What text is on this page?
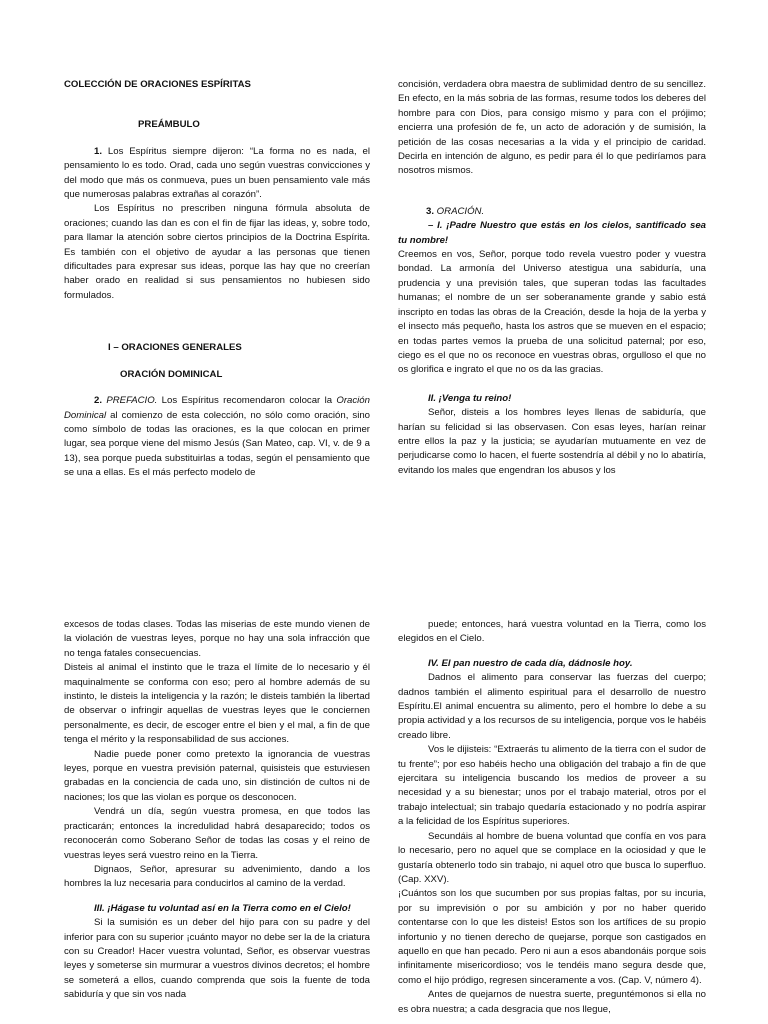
COLECCIÓN DE ORACIONES ESPÍRITAS

PREÁMBULO

1. Los Espíritus siempre dijeron: “La forma no es nada, el pensamiento lo es todo. Orad, cada uno según vuestras convicciones y del modo que más os conmueva, pues un buen pensamiento vale más que numerosas palabras extrañas al corazón”.

Los Espíritus no prescriben ninguna fórmula absoluta de oraciones; cuando las dan es con el fin de fijar las ideas, y, sobre todo, para llamar la atención sobre ciertos principios de la Doctrina Espírita. Es también con el objetivo de ayudar a las personas que tienen dificultades para expresar sus ideas, porque las hay que no creerían haber orado en realidad si sus pensamientos no hubiesen sido formulados.

I – ORACIONES GENERALES

ORACIÓN DOMINICAL

2. PREFACIO. Los Espíritus recomendaron colocar la Oración Dominical al comienzo de esta colección, no sólo como oración, sino como símbolo de todas las oraciones, es la que colocan en primer lugar, sea porque viene del mismo Jesús (San Mateo, cap. VI, v. de 9 a 13), sea porque pueda substituirlas a todas, según el pensamiento que se una a ellas. Es el más perfecto modelo de

concisión, verdadera obra maestra de sublimidad dentro de su sencillez. En efecto, en la más sobria de las formas, resume todos los deberes del hombre para con Dios, para consigo mismo y para con el prójimo; encierra una profesión de fe, un acto de adoración y de sumisión, la petición de las cosas necesarias a la vida y el principio de caridad. Decirla en intención de alguno, es pedir para él lo que pediríamos para nosotros mismos.

3. ORACIÓN.

– I. ¡Padre Nuestro que estás en los cielos, santificado sea tu nombre!

Creemos en vos, Señor, porque todo revela vuestro poder y vuestra bondad. La armonía del Universo atestigua una sabiduría, una prudencia y una previsión tales, que superan todas las facultades humanas; el nombre de un ser soberanamente grande y sabio está inscripto en todas las obras de la Creación, desde la hoja de la yerba y el insecto más pequeño, hasta los astros que se mueven en el espacio; en todas partes vemos la prueba de una solicitud paternal; por eso, ciego es el que no os reconoce en vuestras obras, orgulloso el que no os glorifica e ingrato el que no os da las gracias.

II. ¡Venga tu reino!

Señor, disteis a los hombres leyes llenas de sabiduría, que harían su felicidad si las observasen. Con esas leyes, harían reinar entre ellos la paz y la justicia; se ayudarían mutuamente en vez de perjudicarse como lo hacen, el fuerte sostendría al débil y no lo abatiría, evitando los males que engendran los abusos y los

excesos de todas clases. Todas las miserias de este mundo vienen de la violación de vuestras leyes, porque no hay una sola infracción que no tenga fatales consecuencias.

Disteis al animal el instinto que le traza el límite de lo necesario y él maquinalmente se conforma con eso; pero al hombre además de su instinto, le disteis la inteligencia y la razón; le disteis también la libertad de observar o infringir aquellas de vuestras leyes que le conciernen personalmente, es decir, de escoger entre el bien y el mal, a fin de que tenga el mérito y la responsabilidad de sus acciones.

Nadie puede poner como pretexto la ignorancia de vuestras leyes, porque en vuestra previsión paternal, quisisteis que estuviesen grabadas en la conciencia de cada uno, sin distinción de cultos ni de naciones; los que las violan es porque os desconocen.

Vendrá un día, según vuestra promesa, en que todos las practicarán; entonces la incredulidad habrá desaparecido; todos os reconocerán como Soberano Señor de todas las cosas y el reino de vuestras leyes será vuestro reino en la Tierra.

Dignaos, Señor, apresurar su advenimiento, dando a los hombres la luz necesaria para conducirlos al camino de la verdad.

III. ¡Hágase tu voluntad así en la Tierra como en el Cielo!

Si la sumisión es un deber del hijo para con su padre y del inferior para con su superior ¡cuánto mayor no debe ser la de la criatura con su Creador! Hacer vuestra voluntad, Señor, es observar vuestras leyes y someterse sin murmurar a vuestros divinos decretos; el hombre se someterá a ellos, cuando comprenda que sois la fuente de toda sabiduría y que sin vos nada

puede; entonces, hará vuestra voluntad en la Tierra, como los elegidos en el Cielo.

IV. El pan nuestro de cada día, dádnosle hoy.

Dadnos el alimento para conservar las fuerzas del cuerpo; dadnos también el alimento espiritual para el desarrollo de nuestro Espíritu.El animal encuentra su alimento, pero el hombre lo debe a su propia actividad y a los recursos de su inteligencia, porque vos le habéis creado libre.

Vos le dijisteis: “Extraerás tu alimento de la tierra con el sudor de tu frente”; por eso habéis hecho una obligación del trabajo a fin de que ejercitara su inteligencia buscando los medios de proveer a su necesidad y a su bienestar; unos por el trabajo material, otros por el trabajo intelectual; sin trabajo quedaría estacionado y no podría aspirar a la felicidad de los Espíritus superiores.

Secundáis al hombre de buena voluntad que confía en vos para lo necesario, pero no aquel que se complace en la ociosidad y que le gustaría obtenerlo todo sin trabajo, ni aquel otro que busca lo superfluo. (Cap. XXV).

¡Cuántos son los que sucumben por sus propias faltas, por su incuria, por su imprevisión o por su ambición y por no haber querido contentarse con lo que les disteis! Estos son los artífices de su propio infortunio y no tienen derecho de quejarse, porque son castigados en aquello en que han pecado. Pero ni aun a esos abandonáis porque sois infinitamente misericordioso; vos le tendéis mano segura desde que, como el hijo pródigo, regresen sinceramente a vos. (Cap. V, número 4).

Antes de quejarnos de nuestra suerte, preguntémonos si ella no es obra nuestra; a cada desgracia que nos llegue,
